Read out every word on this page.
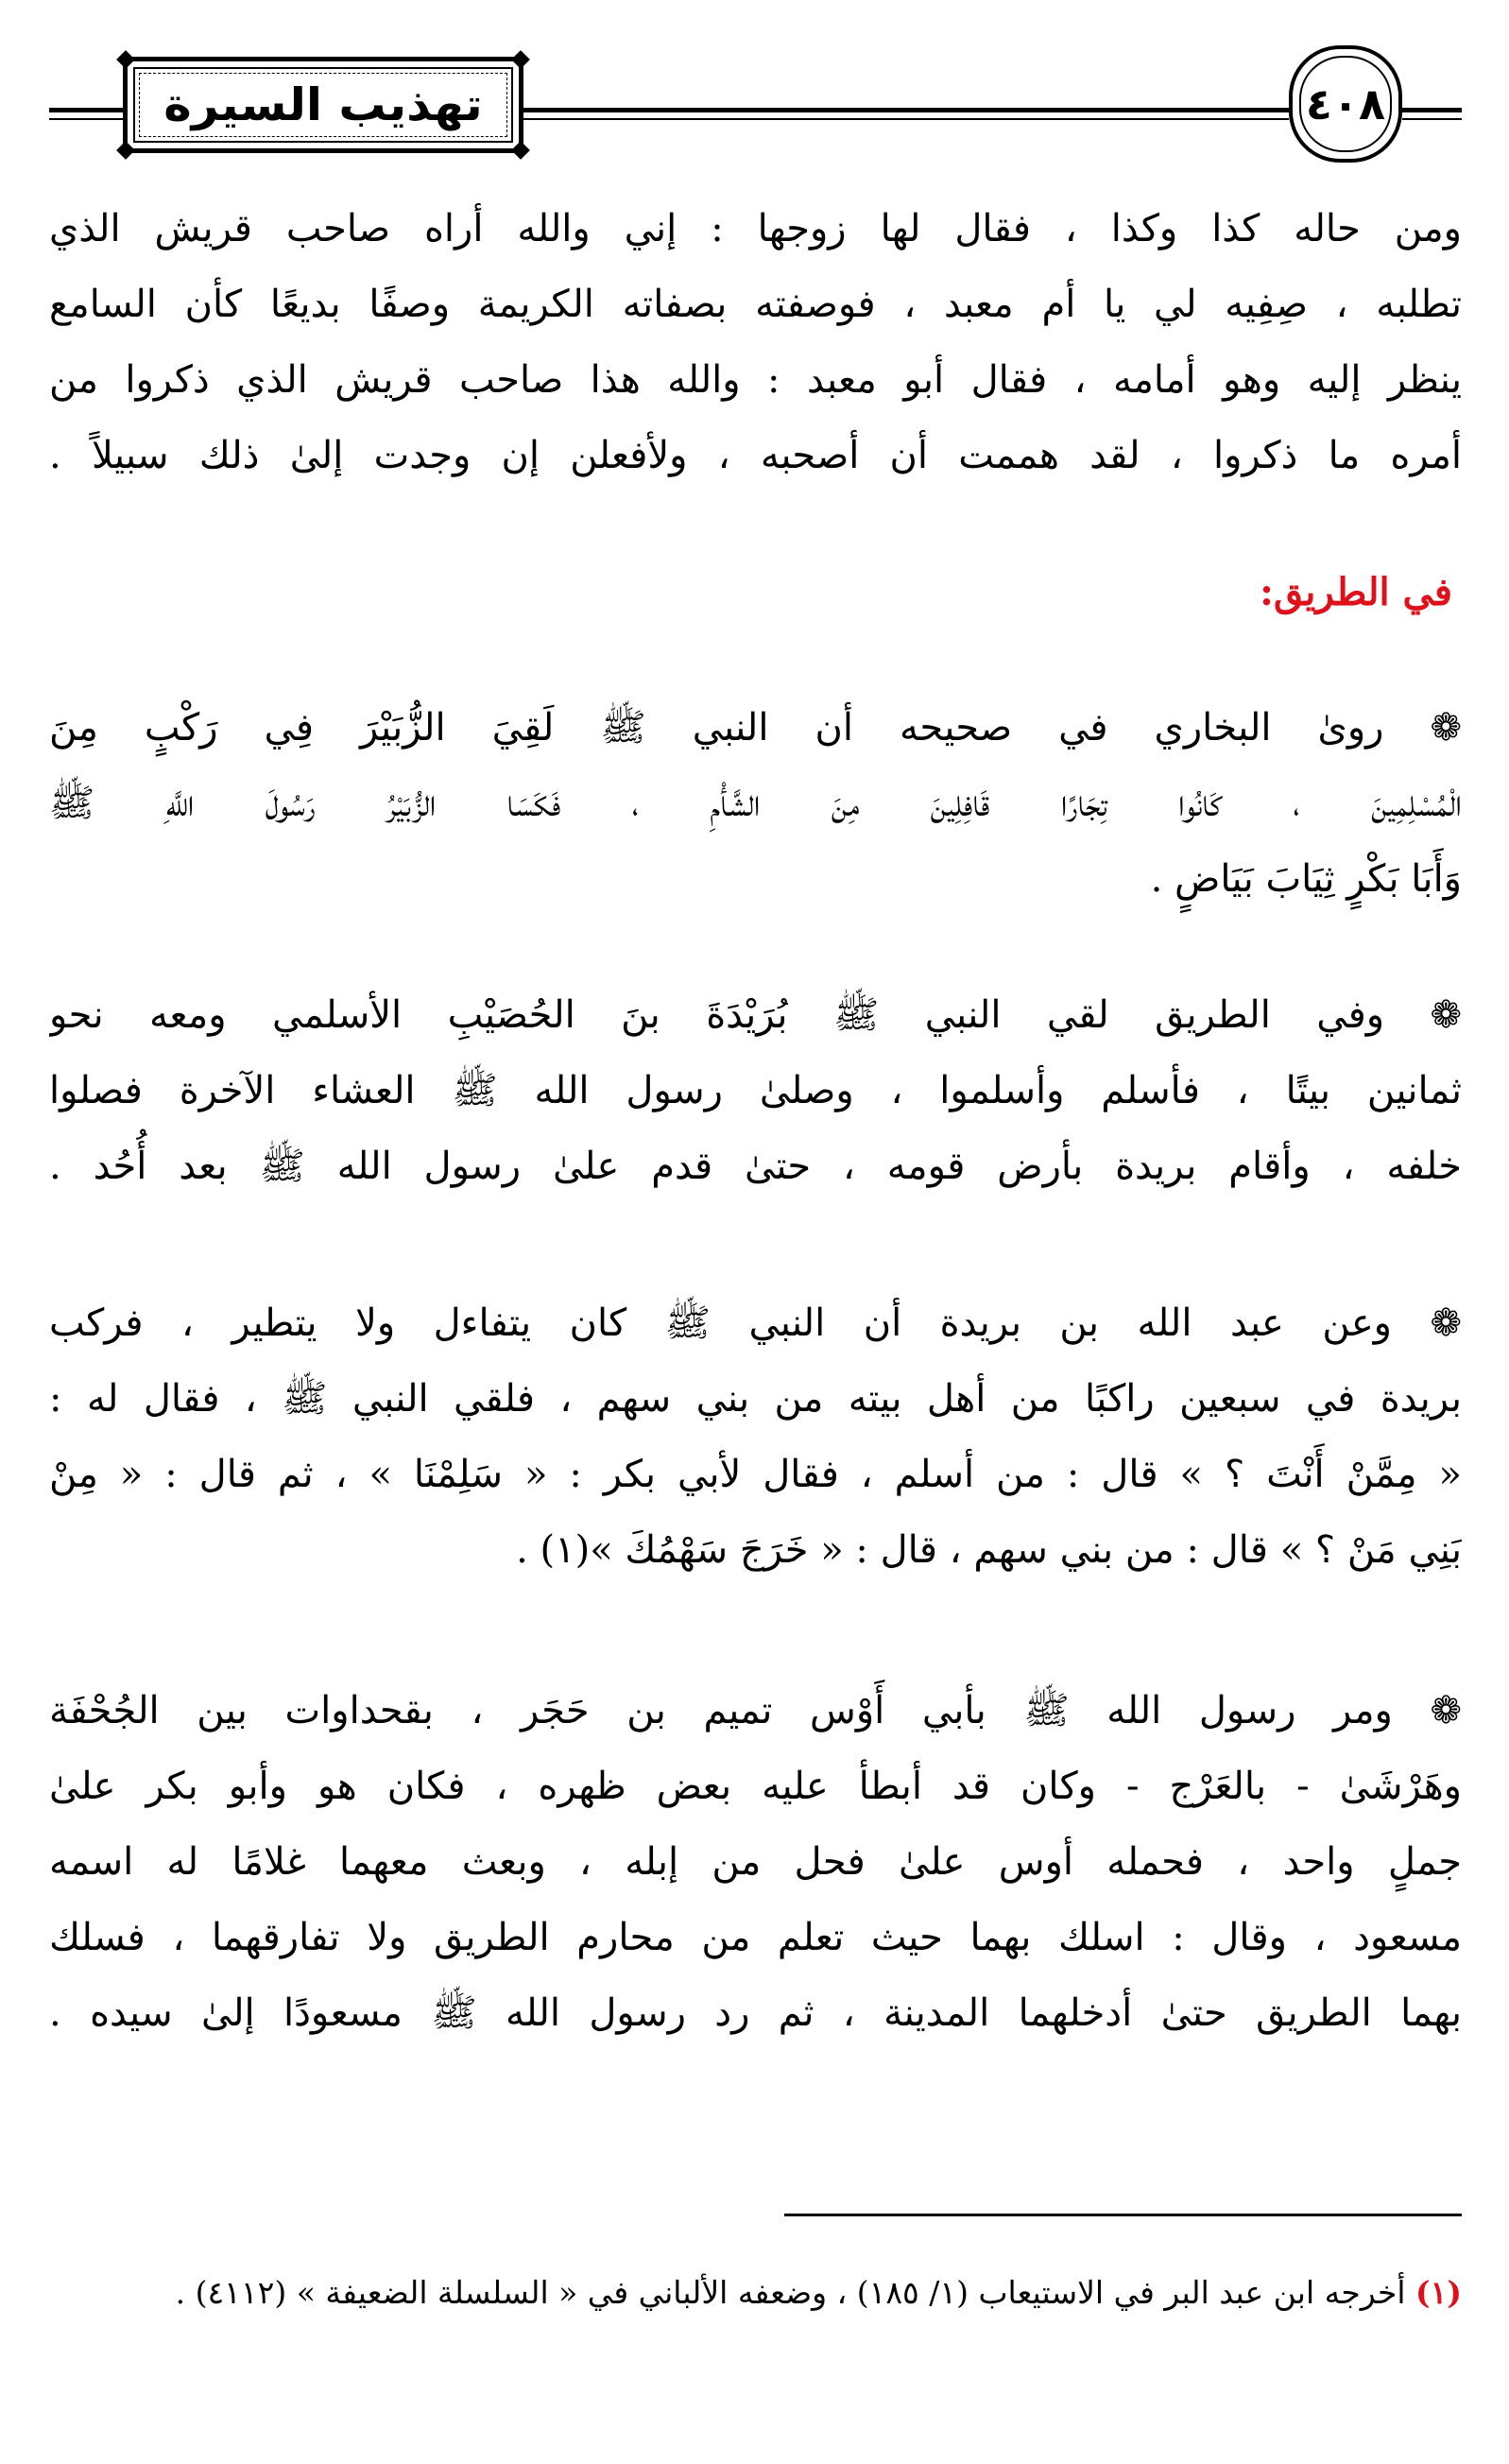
تهذيب السيرة	٤٠٨
ومن حاله كذا وكذا ، فقال لها زوجها : إني والله أراه صاحب قريش الذي
تطلبه ، صِفِيه لي يا أم معبد ، فوصفته بصفاته الكريمة وصفًا بديعًا كأن السامع
ينظر إليه وهو أمامه ، فقال أبو معبد : والله هذا صاحب قريش الذي ذكروا من
أمره ما ذكروا ، لقد هممت أن أصحبه ، ولأفعلن إن وجدت إلىٰ ذلك سبيلاً .
في الطريق:
❁ رویٰ البخاري في صحيحه أن النبي ﷺ لَقِيَ الزُّبَيْرَ فِي رَكْبٍ مِنَ
الْمُسْلِمِينَ ، كَانُوا تِجَارًا قَافِلِينَ مِنَ الشَّأْمِ ، فَكَسَا الزُّبَيْرُ رَسُولَ اللَّهِ ﷺ
وَأَبَا بَكْرٍ ثِيَابَ بَيَاضٍ .
❁ وفي الطريق لقي النبي ﷺ بُرَيْدَةَ بنَ الحُصَيْبِ الأسلمي ومعه نحو
ثمانين بيتًا ، فأسلم وأسلموا ، وصلىٰ رسول الله ﷺ العشاء الآخرة فصلوا
خلفه ، وأقام بريدة بأرض قومه ، حتىٰ قدم علىٰ رسول الله ﷺ بعد أُحُد .
❁ وعن عبد الله بن بريدة أن النبي ﷺ كان يتفاءل ولا يتطير ، فركب
بريدة في سبعين راكبًا من أهل بيته من بني سهم ، فلقي النبي ﷺ ، فقال له :
« مِمَّنْ أَنْتَ ؟ » قال : من أسلم ، فقال لأبي بكر : « سَلِمْنَا » ، ثم قال : « مِنْ
بَنِي مَنْ ؟ » قال : من بني سهم ، قال : « خَرَجَ سَهْمُكَ »(١) .
❁ ومر رسول الله ﷺ بأبي أَوْس تميم بن حَجَر ، بقحداوات بين الجُحْفَة
وهَرْشَىٰ - بالعَرْج - وكان قد أبطأ عليه بعض ظهره ، فكان هو وأبو بكر علىٰ
جملٍ واحد ، فحمله أوس علىٰ فحل من إبله ، وبعث معهما غلامًا له اسمه
مسعود ، وقال : اسلك بهما حيث تعلم من محارم الطريق ولا تفارقهما ، فسلك
بهما الطريق حتىٰ أدخلهما المدينة ، ثم رد رسول الله ﷺ مسعودًا إلىٰ سيده .
(١) أخرجه ابن عبد البر في الاستيعاب (١/ ١٨٥) ، وضعفه الألباني في « السلسلة الضعيفة » (٤١١٢) .
